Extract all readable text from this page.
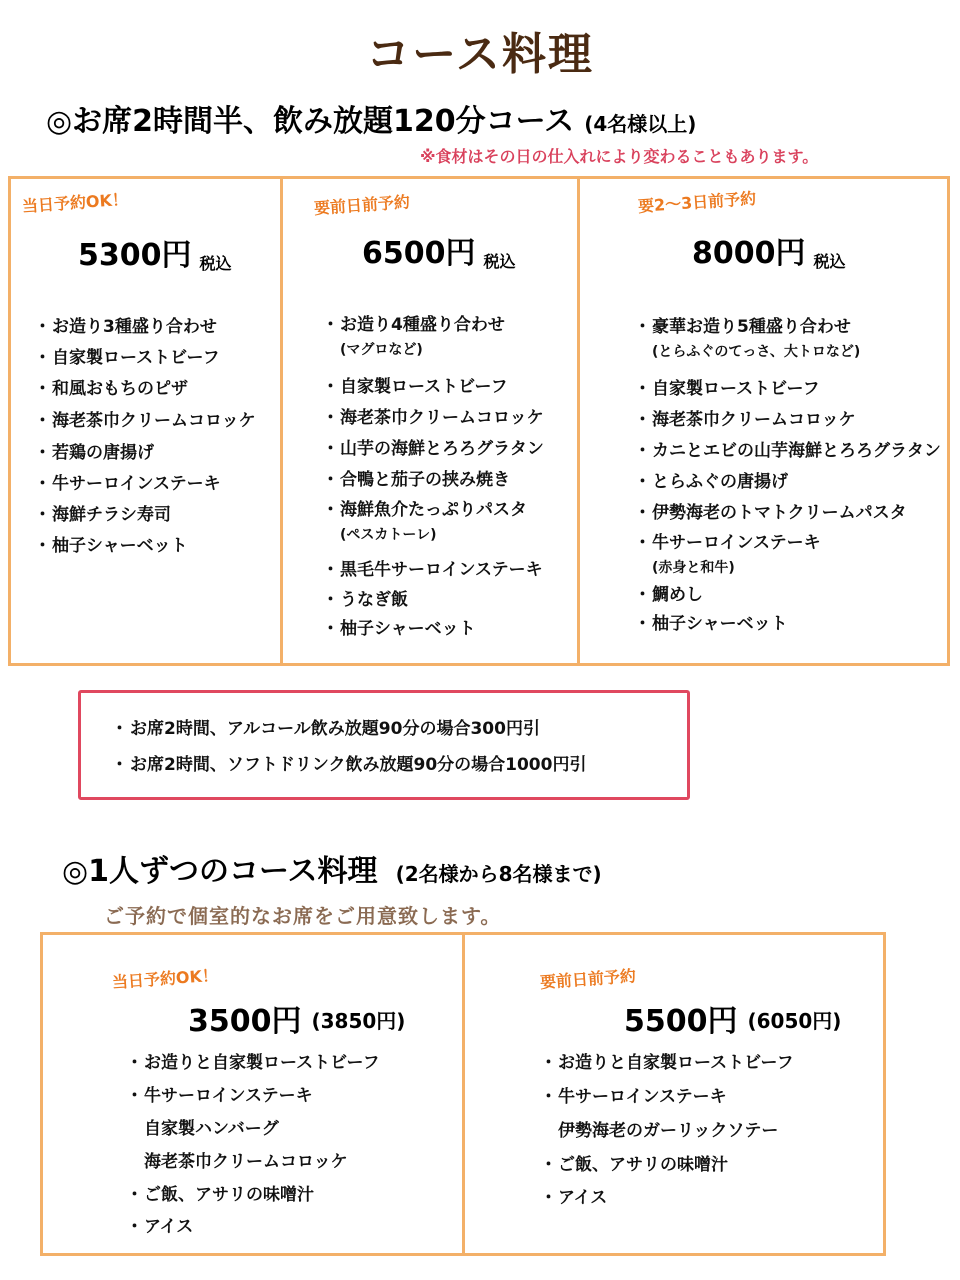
コース料理
◎お席2時間半、飲み放題120分コース (4名様以上)
※食材はその日の仕入れにより変わることもあります。
当日予約OK！
5300円 税込
・ お造り3種盛り合わせ
・ 自家製ローストビーフ
・ 和風おもちのピザ
・ 海老茶巾クリームコロッケ
・ 若鶏の唐揚げ
・ 牛サーロインステーキ
・ 海鮮チラシ寿司
・ 柚子シャーベット
要前日前予約
6500円 税込
・ お造り4種盛り合わせ
(マグロなど)
・ 自家製ローストビーフ
・ 海老茶巾クリームコロッケ
・ 山芋の海鮮とろろグラタン
・ 合鴨と茄子の挟み焼き
・ 海鮮魚介たっぷりパスタ
(ペスカトーレ)
・ 黒毛牛サーロインステーキ
・ うなぎ飯
・ 柚子シャーベット
要2〜3日前予約
8000円 税込
・ 豪華お造り5種盛り合わせ
(とらふぐのてっさ、大トロなど)
・ 自家製ローストビーフ
・ 海老茶巾クリームコロッケ
・ カニとエビの山芋海鮮とろろグラタン
・ とらふぐの唐揚げ
・ 伊勢海老のトマトクリームパスタ
・ 牛サーロインステーキ
(赤身と和牛)
・ 鯛めし
・ 柚子シャーベット
・ お席2時間、アルコール飲み放題90分の場合300円引
・ お席2時間、ソフトドリンク飲み放題90分の場合1000円引
◎1人ずつのコース料理 (2名様から8名様まで)
ご予約で個室的なお席をご用意致します。
当日予約OK！
3500円 (3850円)
・ お造りと自家製ローストビーフ
・ 牛サーロインステーキ
自家製ハンバーグ
海老茶巾クリームコロッケ
・ ご飯、アサリの味噌汁
・ アイス
要前日前予約
5500円 (6050円)
・ お造りと自家製ローストビーフ
・ 牛サーロインステーキ
伊勢海老のガーリックソテー
・ ご飯、アサリの味噌汁
・ アイス
